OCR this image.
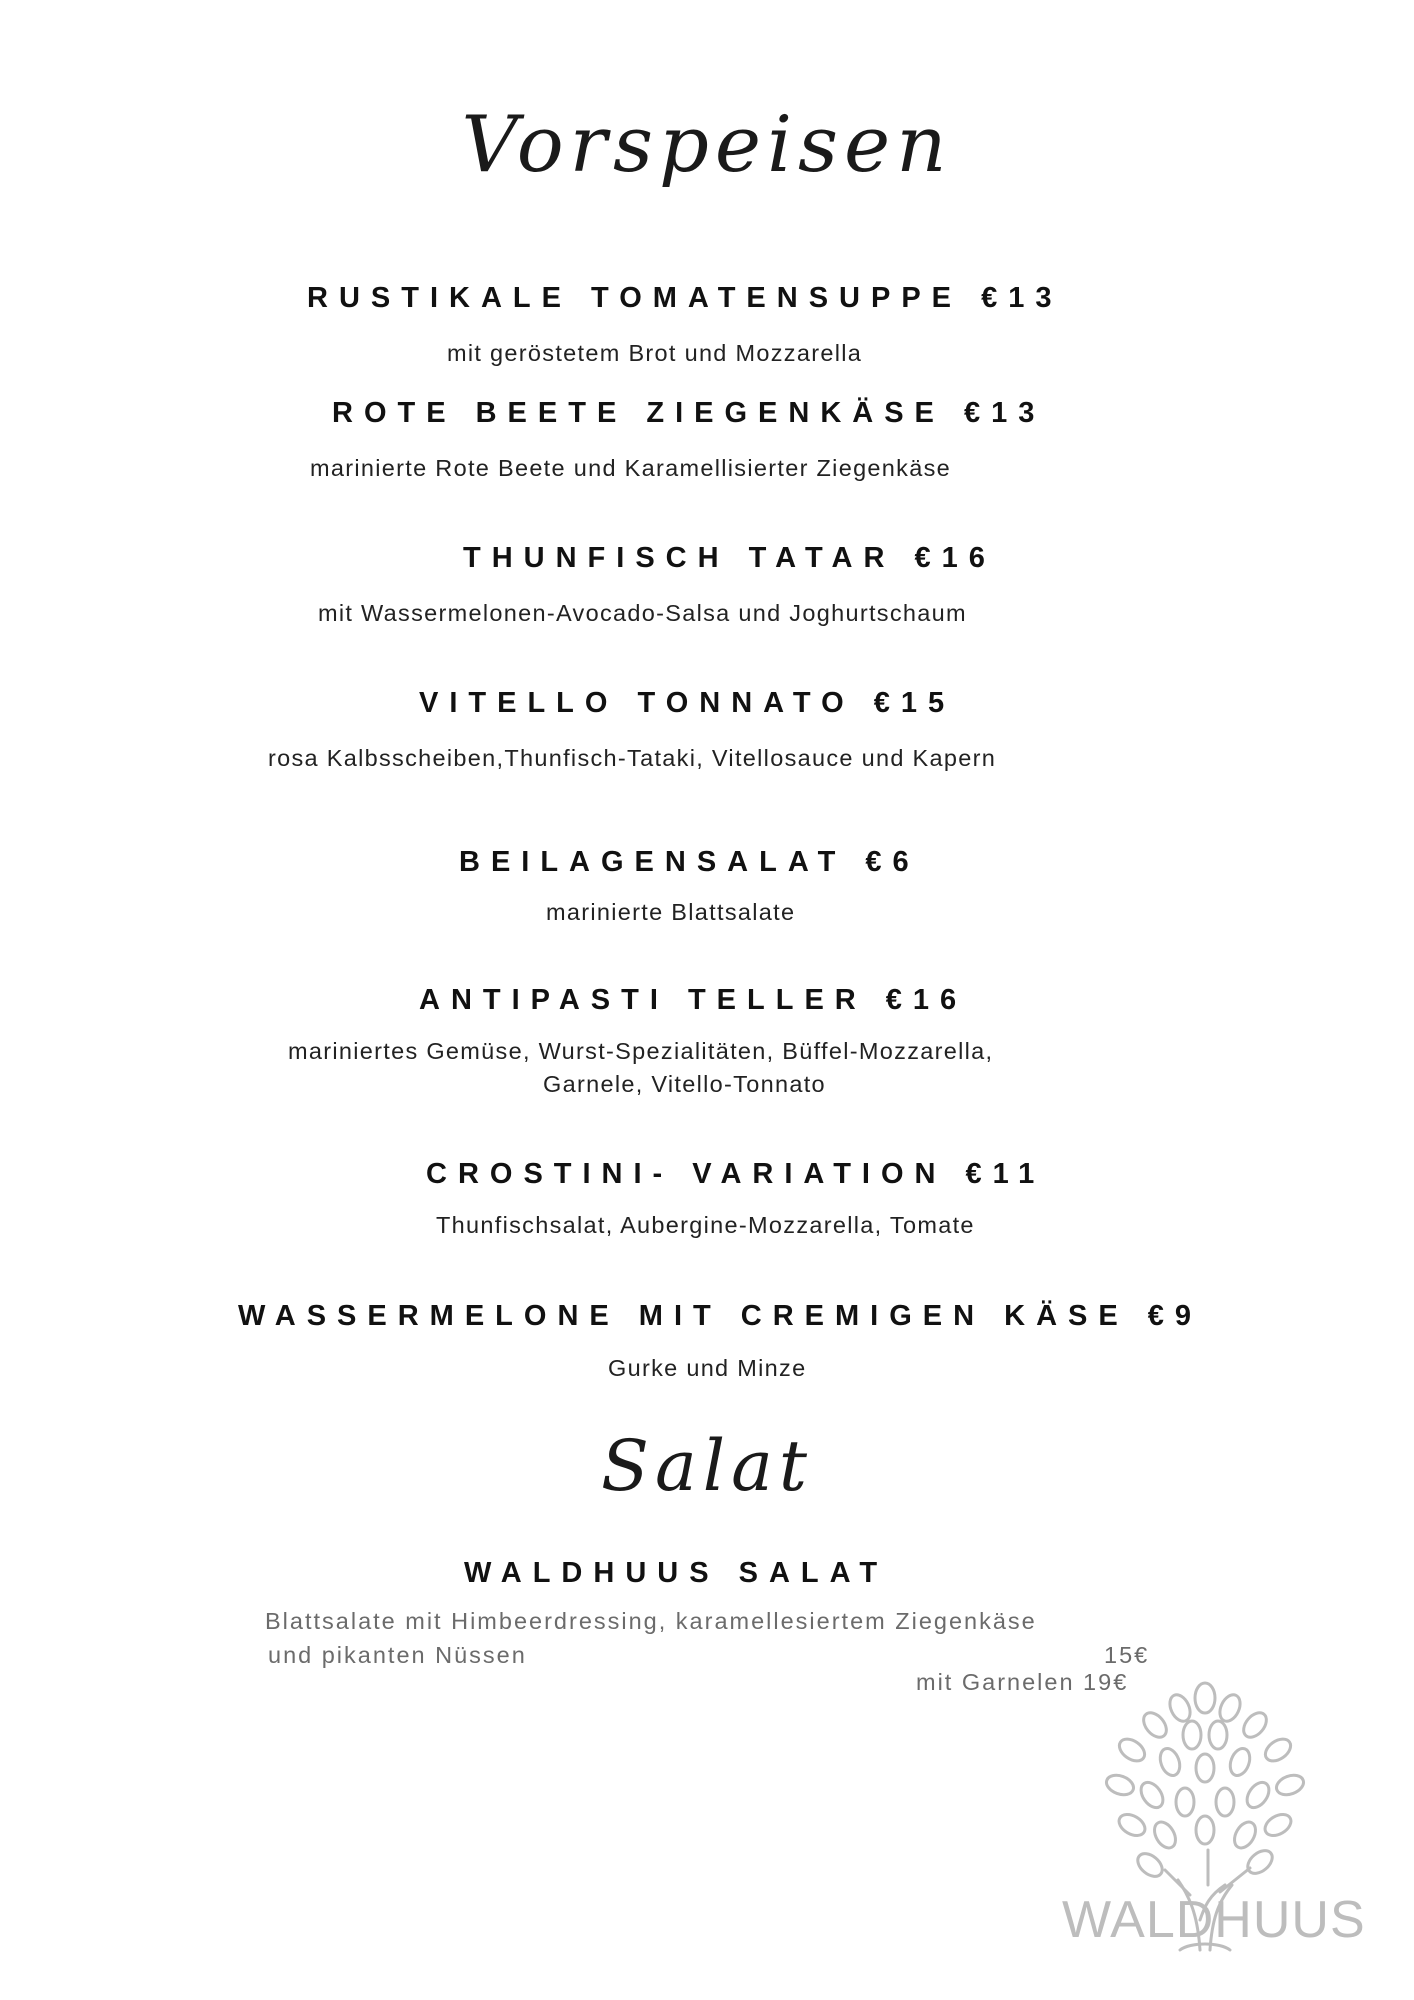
Vorspeisen
RUSTIKALE TOMATENSUPPE €13
mit geröstetem Brot und Mozzarella
ROTE BEETE ZIEGENKÄSE €13
marinierte Rote Beete und Karamellisierter Ziegenkäse
THUNFISCH TATAR €16
mit Wassermelonen-Avocado-Salsa und Joghurtschaum
VITELLO TONNATO €15
rosa Kalbsscheiben,Thunfisch-Tataki, Vitellosauce und Kapern
BEILAGENSALAT €6
marinierte Blattsalate
ANTIPASTI TELLER €16
mariniertes Gemüse, Wurst-Spezialitäten, Büffel-Mozzarella,
Garnele, Vitello-Tonnato
CROSTINI- VARIATION €11
Thunfischsalat, Aubergine-Mozzarella, Tomate
WASSERMELONE MIT CREMIGEN KÄSE €9
Gurke und Minze
Salat
WALDHUUS SALAT
Blattsalate mit Himbeerdressing, karamellesiertem Ziegenkäse
und pikanten Nüssen	15€
mit Garnelen 19€
WALDHUUS
